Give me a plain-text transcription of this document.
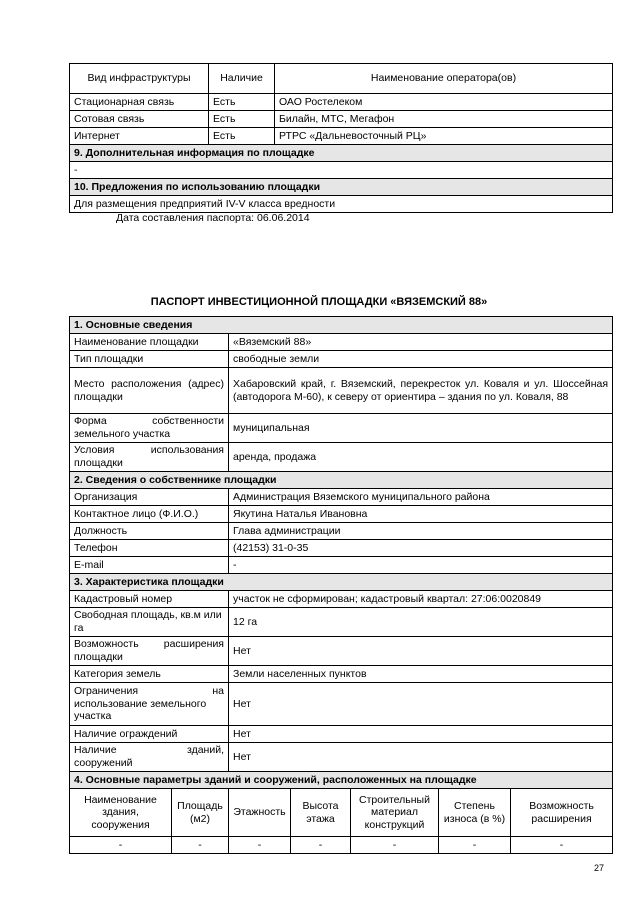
Вид инфраструктуры	Наличие	Наименование оператора(ов)
Стационарная связь	Есть	ОАО Ростелеком
Сотовая связь	Есть	Билайн, МТС, Мегафон
Интернет	Есть	РТРС «Дальневосточный РЦ»
9. Дополнительная информация по площадке		
-		
10. Предложения по использованию площадки		
Для размещения предприятий IV-V класса вредности		
Дата составления паспорта: 06.06.2014
ПАСПОРТ ИНВЕСТИЦИОННОЙ ПЛОЩАДКИ «ВЯЗЕМСКИЙ 88»
1. Основные сведения						
Наименование площадки		«Вяземский 88»				
Тип площадки		свободные земли				
Место расположения (адрес) площадки		Хабаровский край, г. Вяземский, перекресток ул. Коваля и ул. Шоссейная (автодорога М-60), к северу от ориентира – здания по ул. Коваля, 88				
Форма собственности земельного участка		муниципальная				
Условия использования площадки		аренда, продажа				
2. Сведения о собственнике площадки						
Организация		Администрация Вяземского муниципального района				
Контактное лицо (Ф.И.О.)		Якутина Наталья Ивановна				
Должность		Глава администрации				
Телефон		(42153) 31-0-35				
E-mail		-				
3. Характеристика площадки						
Кадастровый номер		участок не сформирован; кадастровый квартал: 27:06:0020849				
Свободная площадь, кв.м или га		12 га				
Возможность расширения площадки		Нет				
Категория земель		Земли населенных пунктов				

Ограничения на
использование земельного участка		Нет				
Наличие ограждений		Нет				

Наличие зданий,
сооружений		Нет				
4. Основные параметры зданий и сооружений, расположенных на площадке						
Наименование здания, сооружения	Площадь (м2)	Этажность	Высота этажа	Строительный материал конструкций	Степень износа (в %)	Возможность расширения
-	-	-	-	-	-	-
27
